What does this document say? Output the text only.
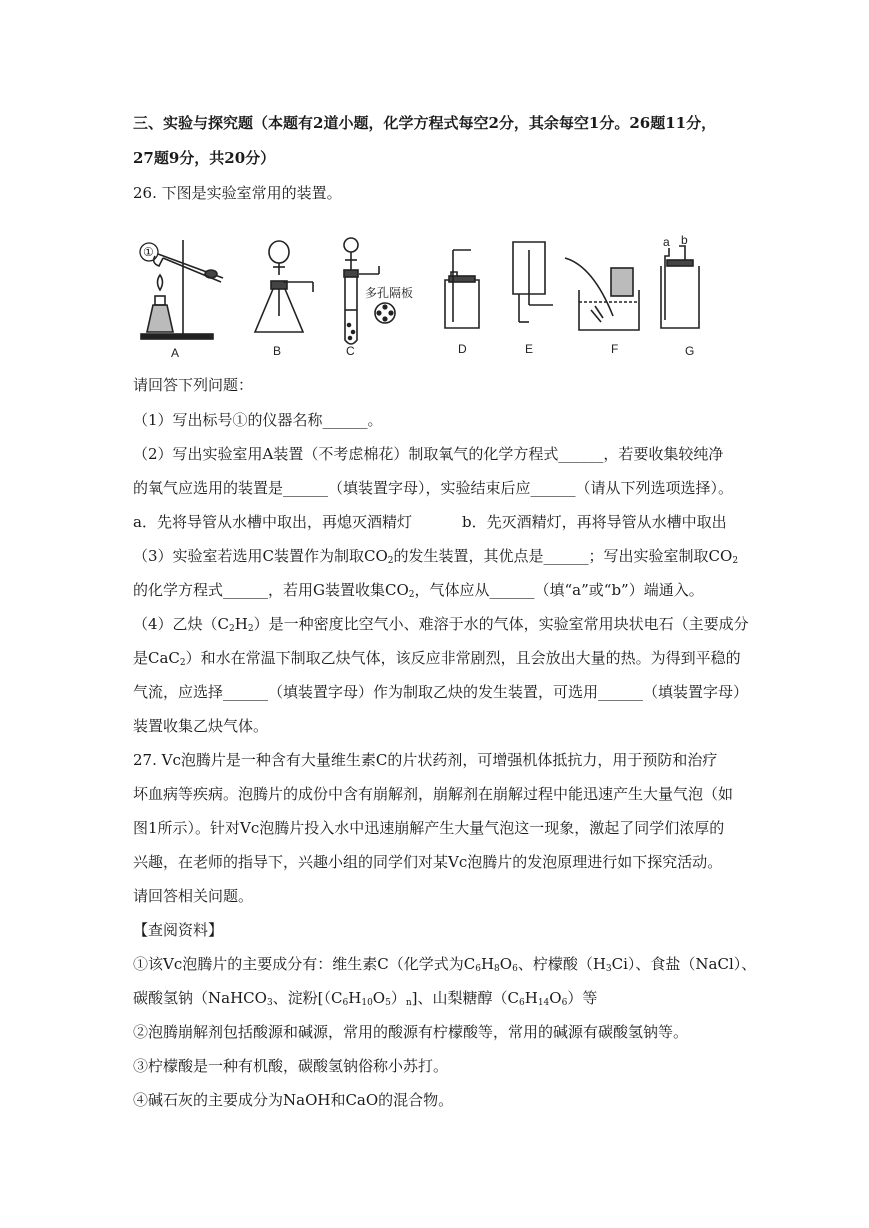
三、实验与探究题（本题有2道小题，化学方程式每空2分，其余每空1分。26题11分，
27题9分，共20分）
26. 下图是实验室常用的装置。
多孔隔板
a b
A	B	C	D	E	F	G
①
请回答下列问题：
（1）写出标号①的仪器名称______。
（2）写出实验室用A装置（不考虑棉花）制取氧气的化学方程式______，若要收集较纯净
的氧气应选用的装置是______（填装置字母），实验结束后应______（请从下列选项选择）。
a．先将导管从水槽中取出，再熄灭酒精灯	b．先灭酒精灯，再将导管从水槽中取出
（3）实验室若选用C装置作为制取$CO_2$的发生装置，其优点是______；写出实验室制取$CO_2$
的化学方程式______，若用G装置收集$CO_2$，气体应从______（填“a”或“b”）端通入。
（4）乙炔$(C_2H_2)$是一种密度比空气小、难溶于水的气体，实验室常用块状电石（主要成分
是CaC$_2$）和水在常温下制取乙炔气体，该反应非常剧烈，且会放出大量的热。为得到平稳的
气流，应选择______（填装置字母）作为制取乙炔的发生装置，可选用______（填装置字母）
装置收集乙炔气体。
27. Vc泡腾片是一种含有大量维生素C的片状药剂，可增强机体抵抗力，用于预防和治疗
坏血病等疾病。泡腾片的成份中含有崩解剂，崩解剂在崩解过程中能迅速产生大量气泡（如
图1所示）。针对Vc泡腾片投入水中迅速崩解产生大量气泡这一现象，激起了同学们浓厚的
兴趣，在老师的指导下，兴趣小组的同学们对某Vc泡腾片的发泡原理进行如下探究活动。
请回答相关问题。
【查阅资料】
①该Vc泡腾片的主要成分有：维生素C（化学式为$C_6H_8O_6$、柠檬酸$(H_3Ci)$、食盐（NaCl）、
碳酸氢钠（NaHCO$_3$、淀粉$[(C_6H_{10}O_5)_n]$、山梨糖醇$(C_6H_{14}O_6)$等
②泡腾崩解剂包括酸源和碱源，常用的酸源有柠檬酸等，常用的碱源有碳酸氢钠等。
③柠檬酸是一种有机酸，碳酸氢钠俗称小苏打。
④碱石灰的主要成分为NaOH和CaO的混合物。
